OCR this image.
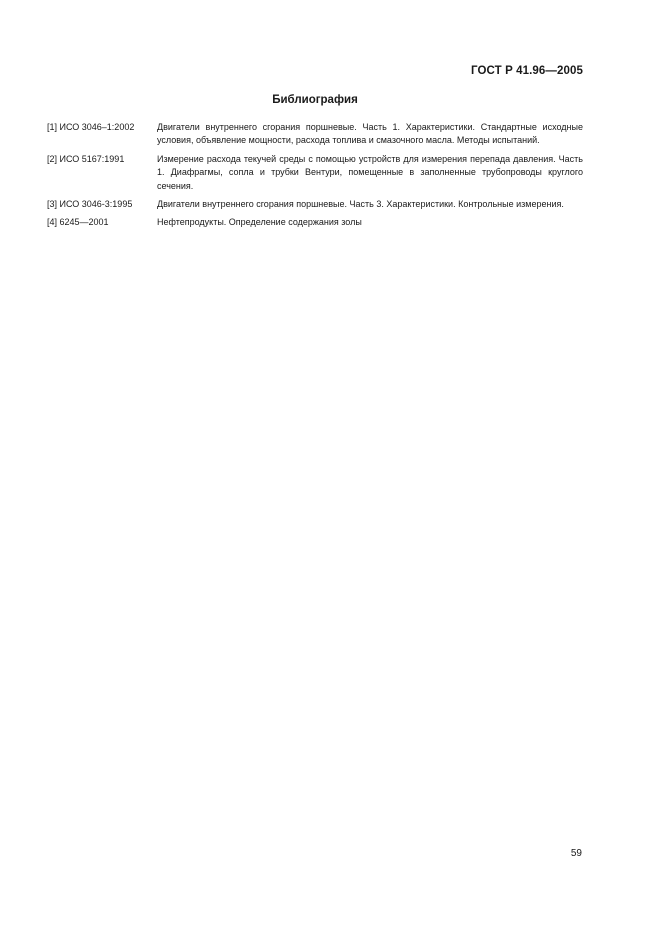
ГОСТ Р 41.96—2005
Библиография
[1] ИСО 3046–1:2002	Двигатели внутреннего сгорания поршневые. Часть 1. Характеристики. Стандартные исходные условия, объявление мощности, расхода топлива и смазочного масла. Методы испытаний.
[2] ИСО 5167:1991	Измерение расхода текучей среды с помощью устройств для измерения перепада давления. Часть 1. Диафрагмы, сопла и трубки Вентури, помещенные в заполненные трубопроводы круглого сечения.
[3] ИСО 3046-3:1995	Двигатели внутреннего сгорания поршневые. Часть 3. Характеристики. Контрольные измерения.
[4] 6245—2001	Нефтепродукты. Определение содержания золы
59
